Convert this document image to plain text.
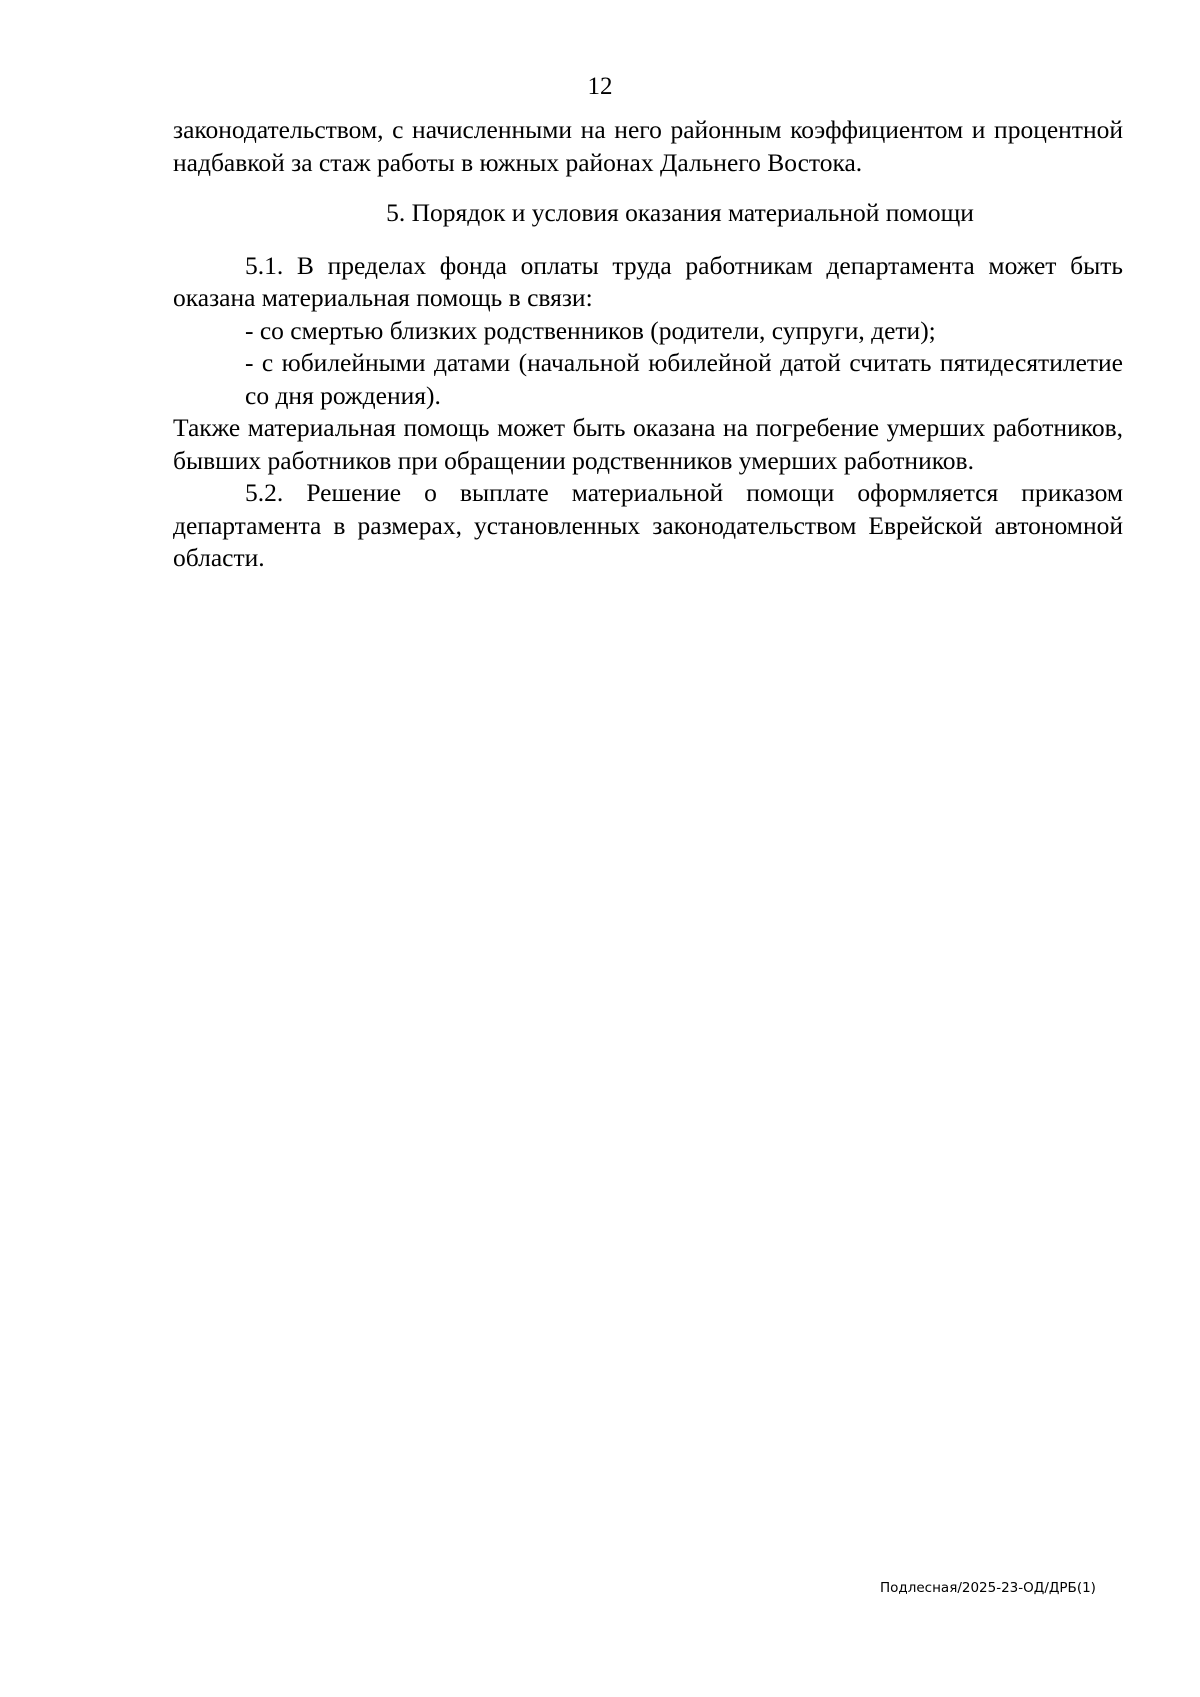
12

законодательством, с начисленными на него районным коэффициентом и процентной надбавкой за стаж работы в южных районах Дальнего Востока.

5. Порядок и условия оказания материальной помощи

5.1. В пределах фонда оплаты труда работникам департамента может быть оказана материальная помощь в связи:

- со смертью близких родственников (родители, супруги, дети);

- с юбилейными датами (начальной юбилейной датой считать пятидесятилетие со дня рождения).

Также материальная помощь может быть оказана на погребение умерших работников, бывших работников при обращении родственников умерших работников.

5.2. Решение о выплате материальной помощи оформляется приказом департамента в размерах, установленных законодательством Еврейской автономной области.

Подлесная/2025-23-ОД/ДРБ(1)
